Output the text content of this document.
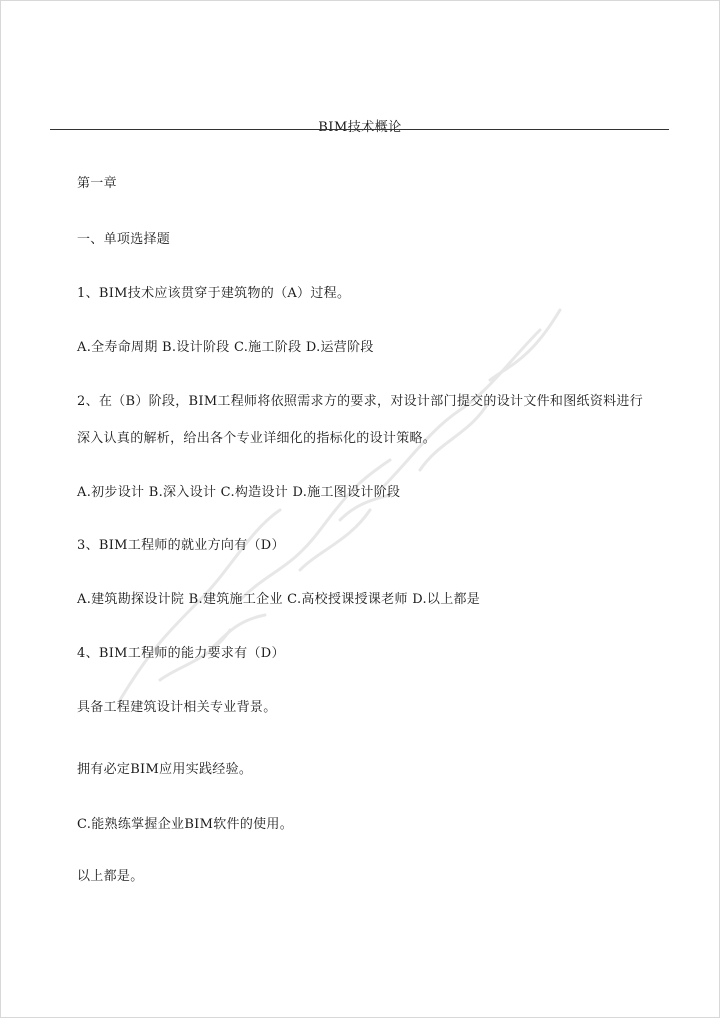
BIM技术概论
第一章
一、单项选择题
1、BIM技术应该贯穿于建筑物的（A）过程。
A.全寿命周期 B.设计阶段 C.施工阶段 D.运营阶段
2、在（B）阶段，BIM工程师将依照需求方的要求，对设计部门提交的设计文件和图纸资料进行
深入认真的解析，给出各个专业详细化的指标化的设计策略。
A.初步设计 B.深入设计 C.构造设计 D.施工图设计阶段
3、BIM工程师的就业方向有（D）
A.建筑勘探设计院 B.建筑施工企业 C.高校授课授课老师 D.以上都是
4、BIM工程师的能力要求有（D）
具备工程建筑设计相关专业背景。
拥有必定BIM应用实践经验。
C.能熟练掌握企业BIM软件的使用。
以上都是。
